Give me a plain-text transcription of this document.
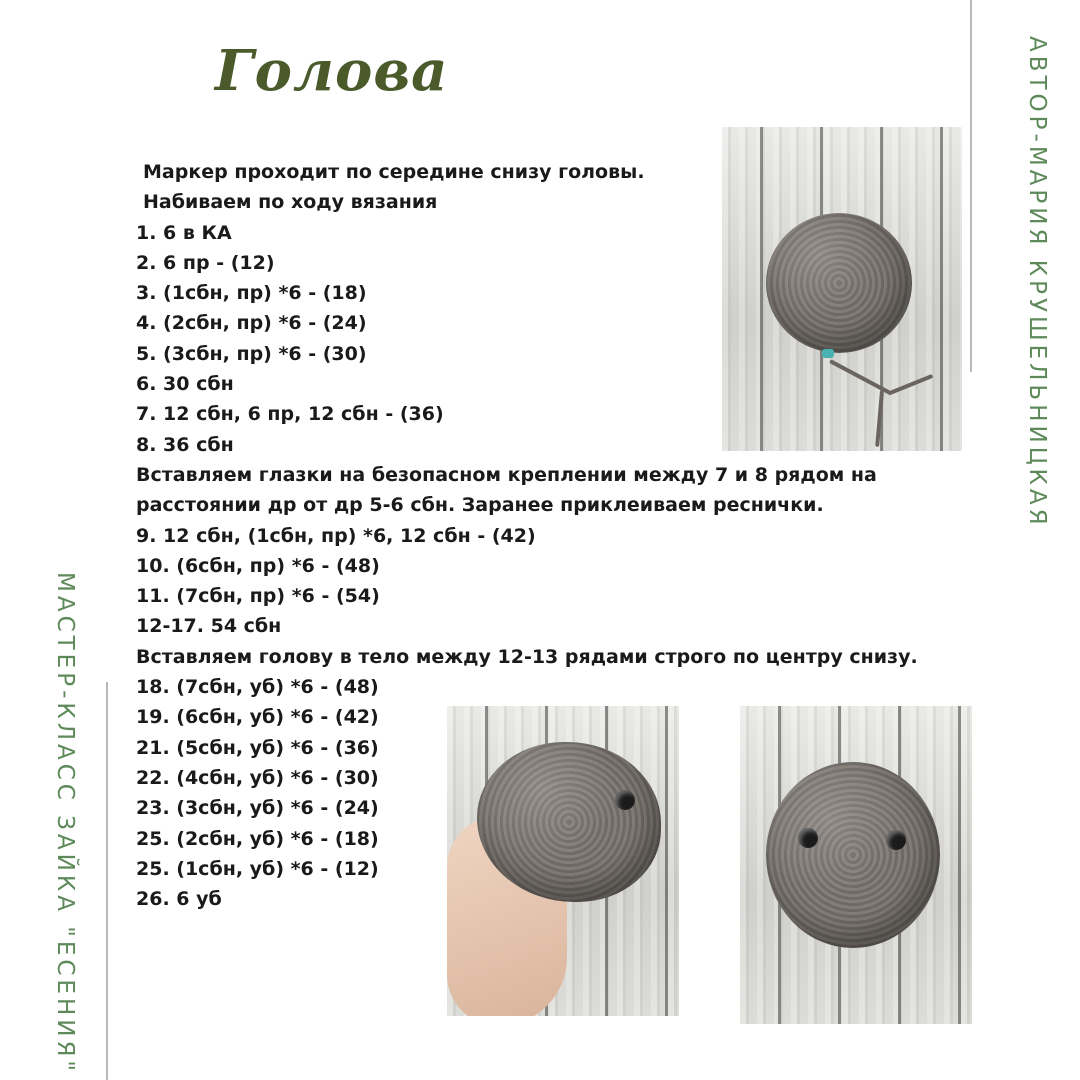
Голова	АВТОР-МАРИЯ КРУШЕЛЬНИЦКАЯ
МАСТЕР-КЛАСС ЗАЙКА "ЕСЕНИЯ"
Маркер проходит по середине снизу головы.
Набиваем по ходу вязания
1. 6 в КА
2. 6 пр - (12)
3. (1сбн, пр) *6 - (18)
4. (2сбн, пр) *6 - (24)
5. (3сбн, пр) *6 - (30)
6. 30 сбн
7. 12 сбн, 6 пр, 12 сбн - (36)
8. 36 сбн
Вставляем глазки на безопасном креплении между 7 и 8 рядом на
расстоянии др от др 5-6 сбн. Заранее приклеиваем реснички.
9. 12 сбн, (1сбн, пр) *6, 12 сбн - (42)
10. (6сбн, пр) *6 - (48)
11. (7сбн, пр) *6 - (54)
12-17. 54 сбн
Вставляем голову в тело между 12-13 рядами строго по центру снизу.
18. (7сбн, уб) *6 - (48)
19. (6сбн, уб) *6 - (42)
21. (5сбн, уб) *6 - (36)
22. (4сбн, уб) *6 - (30)
23. (3сбн, уб) *6 - (24)
25. (2сбн, уб) *6 - (18)
25. (1сбн, уб) *6 - (12)
26. 6 уб
